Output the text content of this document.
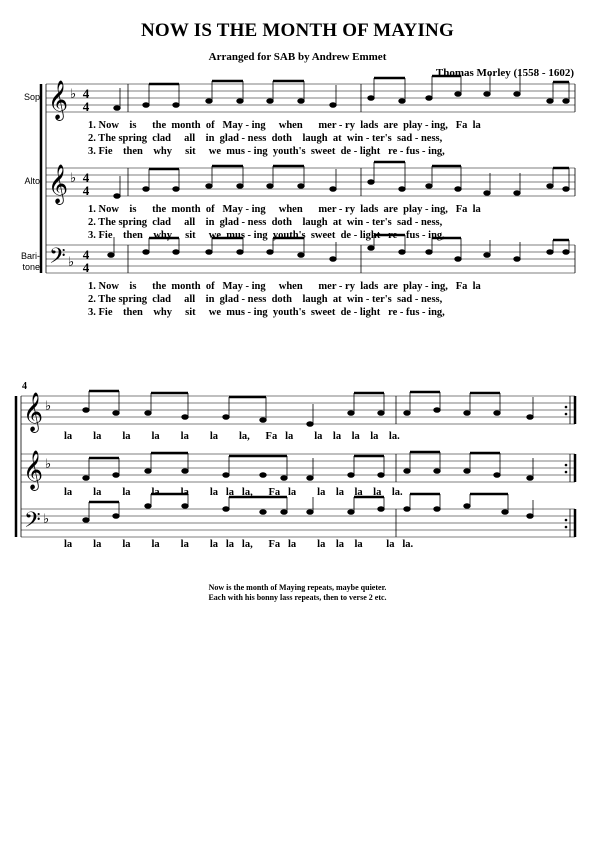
NOW IS THE MONTH OF MAYING
Arranged for SAB by Andrew Emmet
Thomas Morley (1558 - 1602)
Sop
Alto
Bari-
tone
𝄞
𝄞
𝄢
𝄞
𝄞
𝄢
♭
♭
♭
♭
♭
♭
4
4
4
4
4
4
1. Now    is      the  month  of   May - ing     when      mer - ry  lads  are  play - ing,   Fa  la
2. The spring  clad     all    in  glad - ness  doth    laugh  at  win - ter's  sad - ness,
3. Fie    then    why     sit     we  mus - ing  youth's  sweet  de - light   re - fus - ing,
1. Now    is      the  month  of   May - ing     when      mer - ry  lads  are  play - ing,   Fa  la
2. The spring  clad     all    in  glad - ness  doth    laugh  at  win - ter's  sad - ness,
3. Fie    then    why     sit     we  mus - ing  youth's  sweet  de - light   re - fus - ing,
1. Now    is      the  month  of   May - ing     when      mer - ry  lads  are  play - ing,   Fa  la
2. The spring  clad     all    in  glad - ness  doth    laugh  at  win - ter's  sad - ness,
3. Fie    then    why     sit     we  mus - ing  youth's  sweet  de - light   re - fus - ing,
4
la        la        la        la        la        la        la,      Fa   la        la    la    la    la    la.
la        la        la        la        la        la   la   la,      Fa   la        la    la    la    la    la.
la        la        la        la        la        la   la   la,      Fa   la        la    la    la         la   la.
Now is the month of Maying repeats, maybe quieter.
Each with his bonny lass repeats, then to verse 2 etc.
